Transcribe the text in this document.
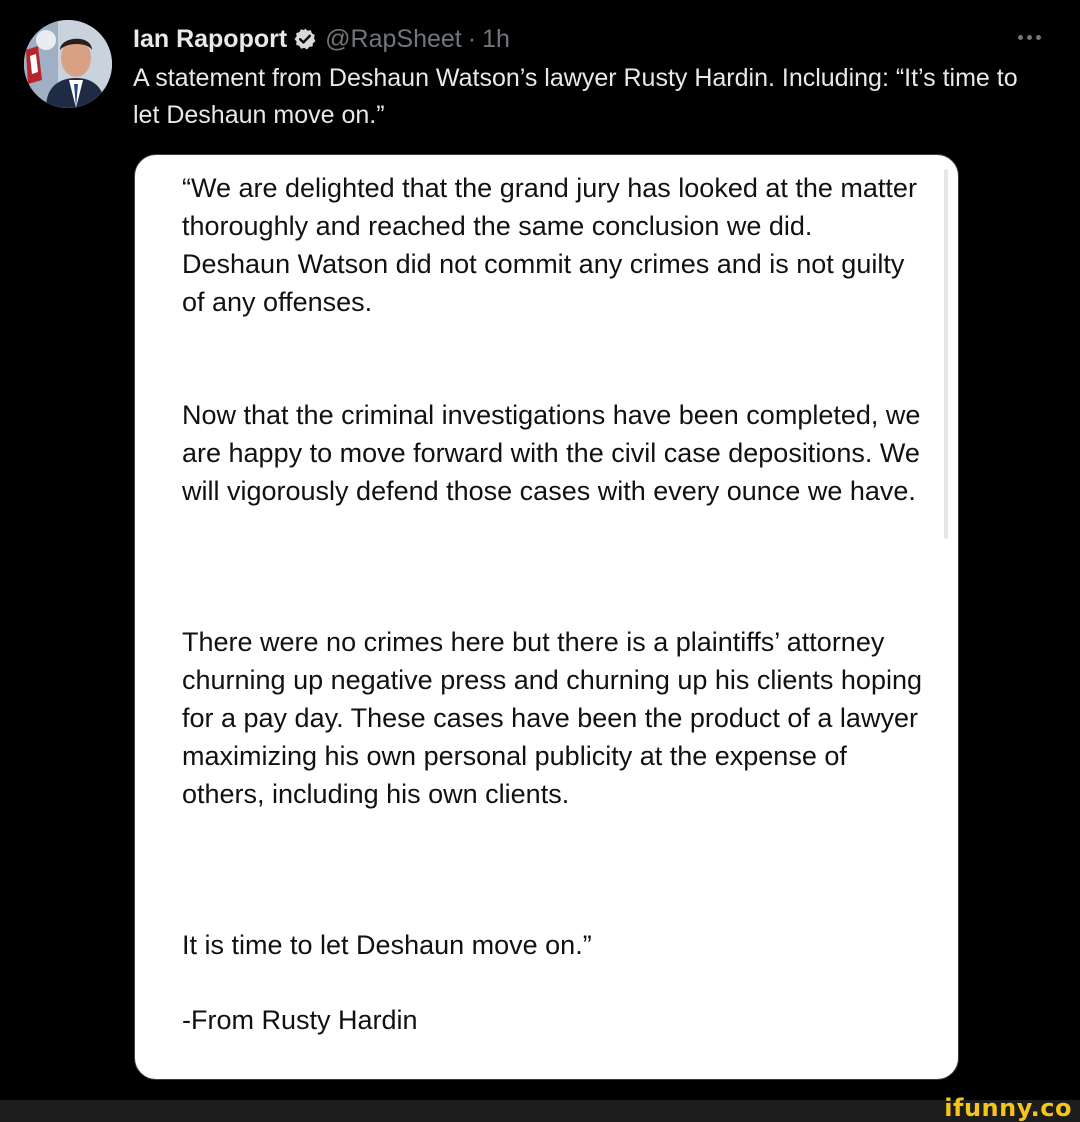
Ian Rapoport @RapSheet · 1h
A statement from Deshaun Watson’s lawyer Rusty Hardin. Including: “It’s time to let Deshaun move on.”

“We are delighted that the grand jury has looked at the matter thoroughly and reached the same conclusion we did. Deshaun Watson did not commit any crimes and is not guilty of any offenses.

Now that the criminal investigations have been completed, we are happy to move forward with the civil case depositions. We will vigorously defend those cases with every ounce we have.

There were no crimes here but there is a plaintiffs’ attorney churning up negative press and churning up his clients hoping for a pay day. These cases have been the product of a lawyer maximizing his own personal publicity at the expense of others, including his own clients.

It is time to let Deshaun move on.”

-From Rusty Hardin

ifunny.co
